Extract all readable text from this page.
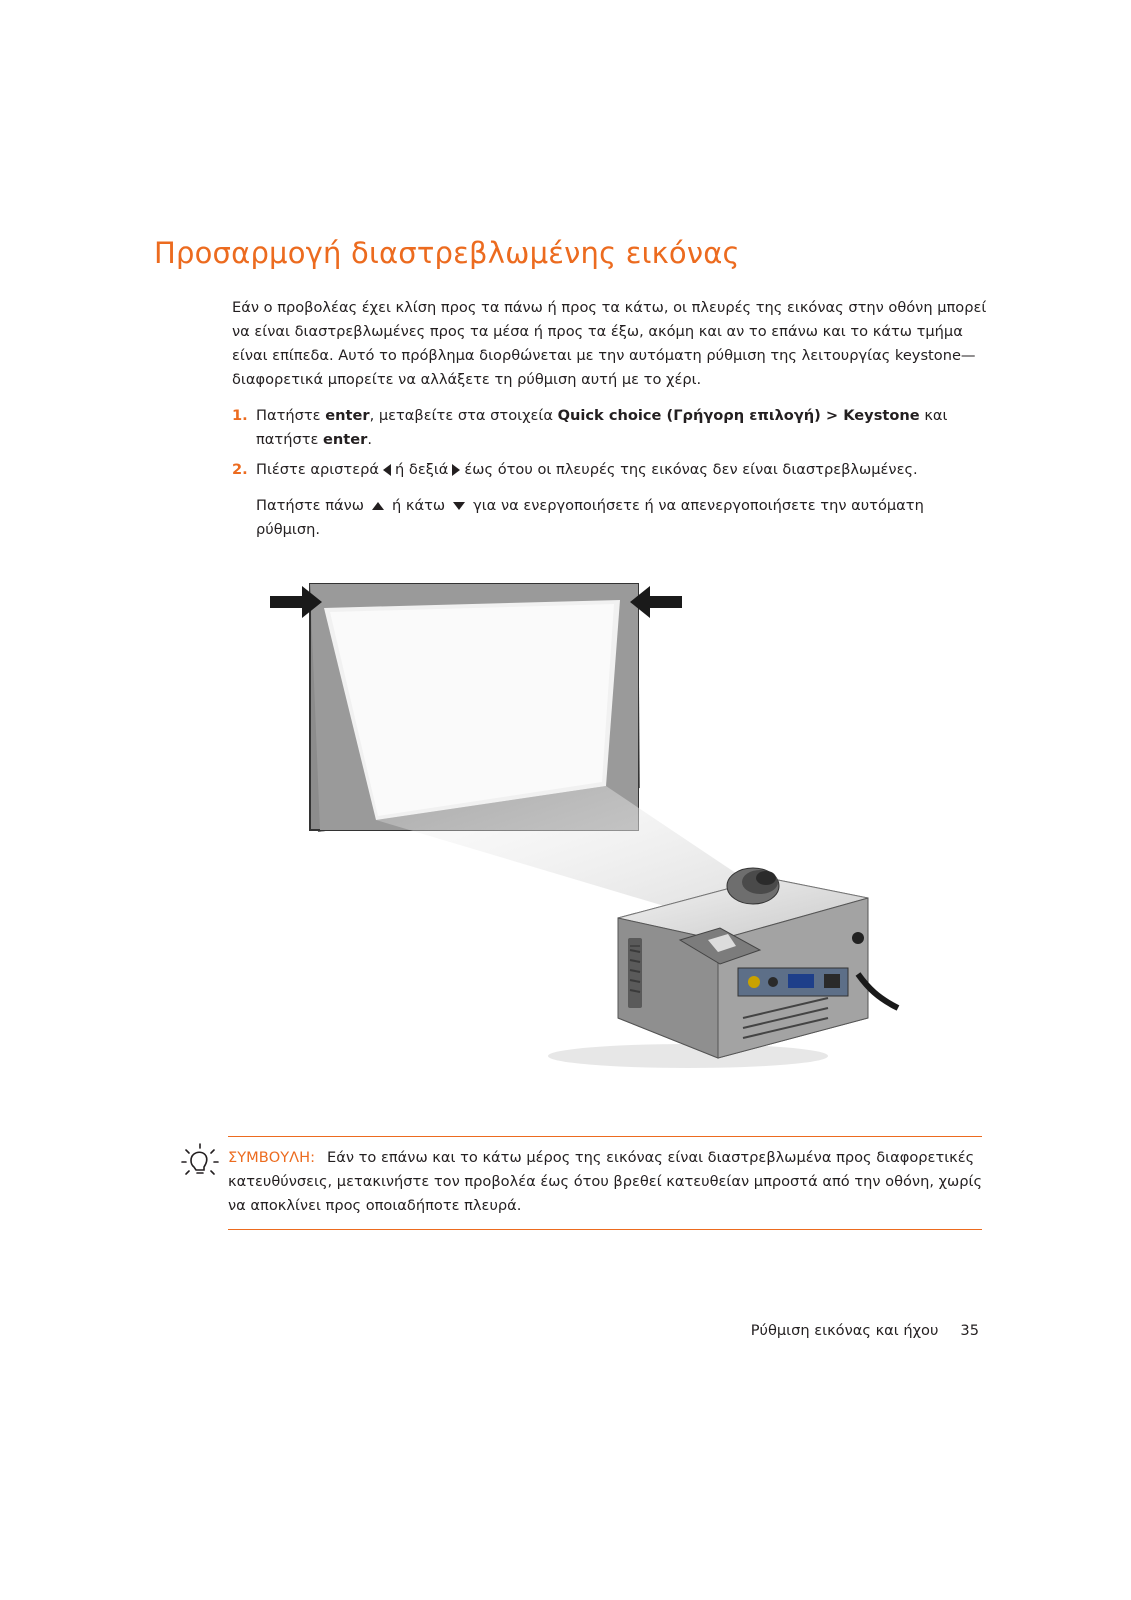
Προσαρμογή διαστρεβλωμένης εικόνας

Εάν ο προβολέας έχει κλίση προς τα πάνω ή προς τα κάτω, οι πλευρές της εικόνας στην οθόνη μπορεί να είναι διαστρεβλωμένες προς τα μέσα ή προς τα έξω, ακόμη και αν το επάνω και το κάτω τμήμα είναι επίπεδα. Αυτό το πρόβλημα διορθώνεται με την αυτόματη ρύθμιση της λειτουργίας keystone—διαφορετικά μπορείτε να αλλάξετε τη ρύθμιση αυτή με το χέρι.

1. Πατήστε enter, μεταβείτε στα στοιχεία Quick choice (Γρήγορη επιλογή) > Keystone και πατήστε enter.
2. Πιέστε αριστερά ή δεξιά έως ότου οι πλευρές της εικόνας δεν είναι διαστρεβλωμένες.
Πατήστε πάνω ή κάτω για να ενεργοποιήσετε ή να απενεργοποιήσετε την αυτόματη ρύθμιση.

ΣΥΜΒΟΥΛΗ: Εάν το επάνω και το κάτω μέρος της εικόνας είναι διαστρεβλωμένα προς διαφορετικές κατευθύνσεις, μετακινήστε τον προβολέα έως ότου βρεθεί κατευθείαν μπροστά από την οθόνη, χωρίς να αποκλίνει προς οποιαδήποτε πλευρά.

Ρύθμιση εικόνας και ήχου 35
